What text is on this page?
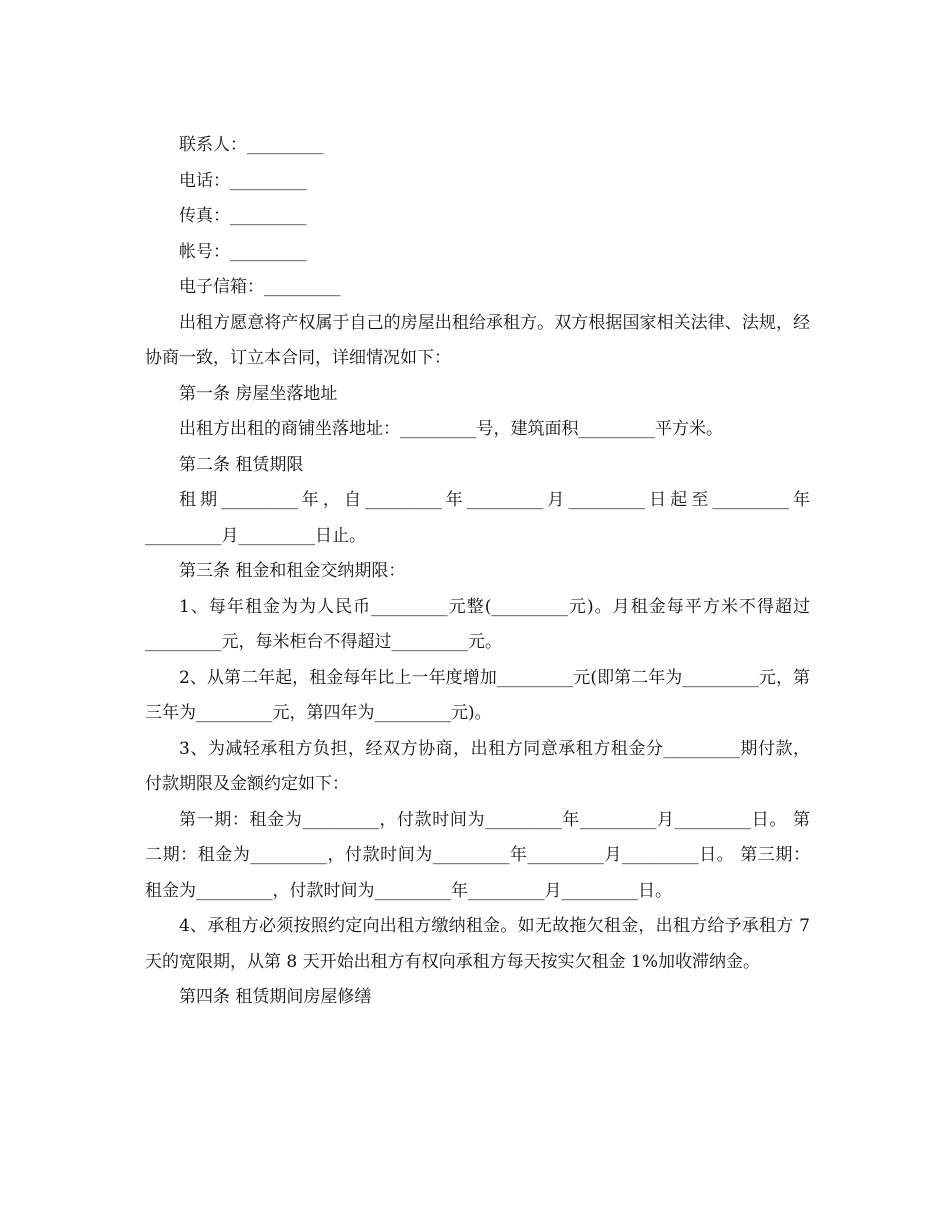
联系人：_________

电话：_________

传真：_________

帐号：_________

电子信箱：_________

出租方愿意将产权属于自己的房屋出租给承租方。双方根据国家相关法律、法规，经协商一致，订立本合同，详细情况如下：

第一条 房屋坐落地址

出租方出租的商铺坐落地址：_________号，建筑面积_________平方米。

第二条 租赁期限

租期_________年，自_________年_________月_________日起至_________年_________月_________日止。

第三条 租金和租金交纳期限：

1、每年租金为为人民币_________元整(_________元)。月租金每平方米不得超过_________元，每米柜台不得超过_________元。

2、从第二年起，租金每年比上一年度增加_________元(即第二年为_________元，第三年为_________元，第四年为_________元)。

3、为减轻承租方负担，经双方协商，出租方同意承租方租金分_________期付款，付款期限及金额约定如下：

第一期：租金为_________，付款时间为_________年_________月_________日。 第二期：租金为_________，付款时间为_________年_________月_________日。 第三期：租金为_________，付款时间为_________年_________月_________日。

4、承租方必须按照约定向出租方缴纳租金。如无故拖欠租金，出租方给予承租方 7 天的宽限期，从第 8 天开始出租方有权向承租方每天按实欠租金 1%加收滞纳金。

第四条 租赁期间房屋修缮
